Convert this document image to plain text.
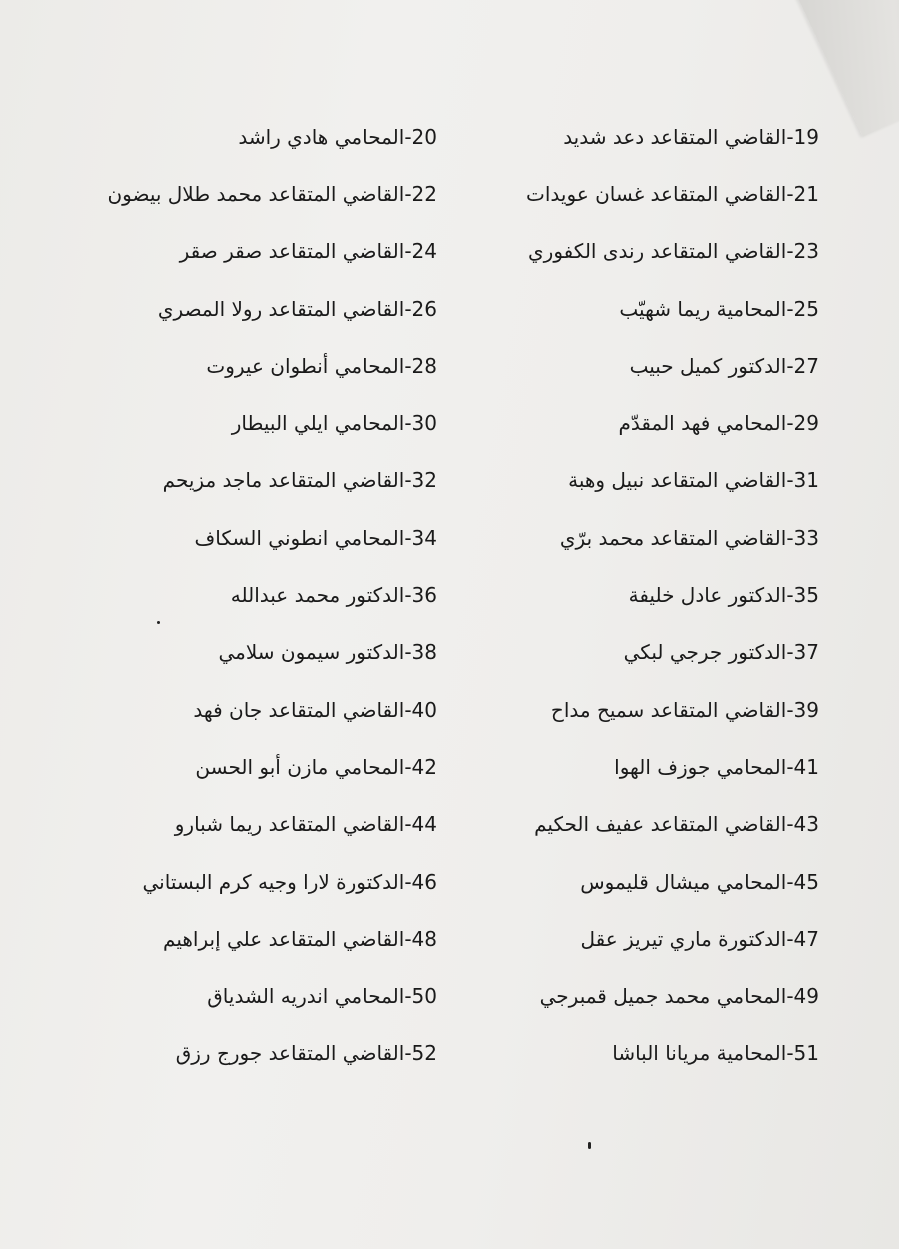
19
-
القاضي المتقاعد دعد شديد
21
-
القاضي المتقاعد غسان عويدات
23
-
القاضي المتقاعد رندى الكفوري
25
-
المحامية ريما شهيّب
27
-
الدكتور كميل حبيب
29
-
المحامي فهد المقدّم
31
-
القاضي المتقاعد نبيل وهبة
33
-
القاضي المتقاعد محمد برّي
35
-
الدكتور عادل خليفة
37
-
الدكتور جرجي لبكي
39
-
القاضي المتقاعد سميح مداح
41
-
المحامي جوزف الهوا
43
-
القاضي المتقاعد عفيف الحكيم
45
-
المحامي ميشال قليموس
47
-
الدكتورة ماري تيريز عقل
49
-
المحامي محمد جميل قمبرجي
51
-
المحامية مريانا الباشا
20
-
المحامي هادي راشد
22
-
القاضي المتقاعد محمد طلال بيضون
24
-
القاضي المتقاعد صقر صقر
26
-
القاضي المتقاعد رولا المصري
28
-
المحامي أنطوان عيروت
30
-
المحامي ايلي البيطار
32
-
القاضي المتقاعد ماجد مزيحم
34
-
المحامي انطوني السكاف
36
-
الدكتور محمد عبدالله
38
-
الدكتور سيمون سلامي
40
-
القاضي المتقاعد جان فهد
42
-
المحامي مازن أبو الحسن
44
-
القاضي المتقاعد ريما شبارو
46
-
الدكتورة لارا وجيه كرم البستاني
48
-
القاضي المتقاعد علي إبراهيم
50
-
المحامي اندريه الشدياق
52
-
القاضي المتقاعد جورج رزق
